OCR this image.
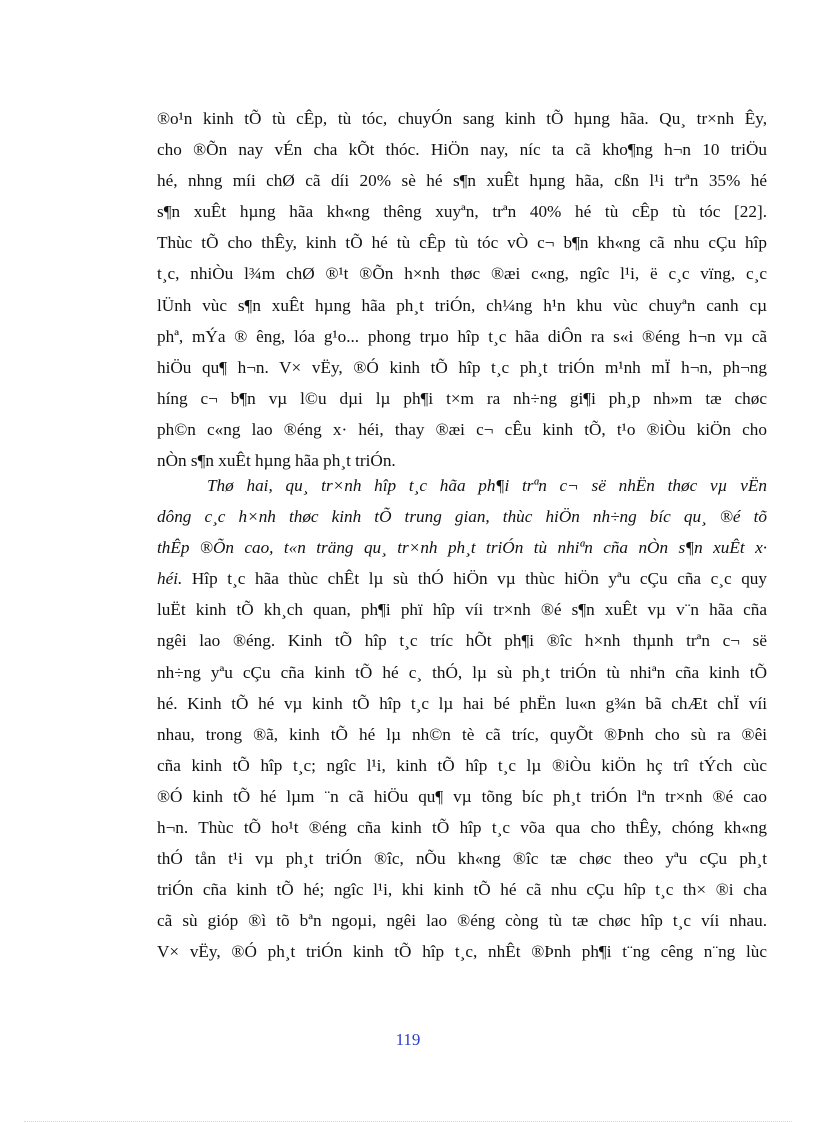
®o¹n kinh tÕ tù cÊp, tù tóc, chuyÓn sang kinh tÕ hµng hãa. Qu¸ tr×nh Êy,
cho ®Õn nay vÉn cha kÕt thóc. HiÖn nay, níc ta cã kho¶ng h¬n 10 triÖu
hé, nhng míi chØ cã díi 20% sè hé s¶n xuÊt hµng hãa, cßn l¹i trªn 35% hé
s¶n xuÊt hµng hãa kh«ng thêng xuyªn, trªn 40% hé tù cÊp tù tóc [22].
Thùc tÕ cho thÊy, kinh tÕ hé tù cÊp tù tóc vÒ c¬ b¶n kh«ng cã nhu cÇu hîp
t¸c, nhiÒu l¾m chØ ®¹t ®Õn h×nh thøc ®æi c«ng, ngîc l¹i, ë c¸c vïng, c¸c
lÜnh vùc s¶n xuÊt hµng hãa ph¸t triÓn, ch¼ng h¹n khu vùc chuyªn canh cµ
phª, mÝa ® êng, lóa g¹o... phong trµo hîp t¸c hãa diÔn ra s«i ®éng h¬n vµ cã
hiÖu qu¶ h¬n. V× vËy, ®Ó kinh tÕ hîp t¸c ph¸t triÓn m¹nh mÏ h¬n, ph¬ng
híng c¬ b¶n vµ l©u dµi lµ ph¶i t×m ra nh÷ng gi¶i ph¸p nh»m tæ chøc
ph©n c«ng lao ®éng x· héi, thay ®æi c¬ cÊu kinh tÕ, t¹o ®iÒu kiÖn cho
nÒn s¶n xuÊt hµng hãa ph¸t triÓn.
Thø hai, qu¸ tr×nh hîp t¸c hãa ph¶i trªn c¬ së nhËn thøc vµ vËn
dông c¸c h×nh thøc kinh tÕ trung gian, thùc hiÖn nh÷ng bíc qu¸ ®é tõ
thÊp ®Õn cao, t«n träng qu¸ tr×nh ph¸t triÓn tù nhiªn cña nÒn s¶n xuÊt x·
héi. Hîp t¸c hãa thùc chÊt lµ sù thÓ hiÖn vµ thùc hiÖn yªu cÇu cña c¸c quy
luËt kinh tÕ kh¸ch quan, ph¶i phï hîp víi tr×nh ®é s¶n xuÊt vµ v¨n hãa cña
ngêi lao ®éng. Kinh tÕ hîp t¸c tríc hÕt ph¶i ®îc h×nh thµnh trªn c¬ së
nh÷ng yªu cÇu cña kinh tÕ hé c¸ thÓ, lµ sù ph¸t triÓn tù nhiªn cña kinh tÕ
hé. Kinh tÕ hé vµ kinh tÕ hîp t¸c lµ hai bé phËn lu«n g¾n bã chÆt chÏ víi
nhau, trong ®ã, kinh tÕ hé lµ nh©n tè cã tríc, quyÕt ®Þnh cho sù ra ®êi
cña kinh tÕ hîp t¸c; ngîc l¹i, kinh tÕ hîp t¸c lµ ®iÒu kiÖn hç trî tÝch cùc
®Ó kinh tÕ hé lµm ¨n cã hiÖu qu¶ vµ tõng bíc ph¸t triÓn lªn tr×nh ®é cao
h¬n. Thùc tÕ ho¹t ®éng cña kinh tÕ hîp t¸c võa qua cho thÊy, chóng kh«ng
thÓ tån t¹i vµ ph¸t triÓn ®îc, nÕu kh«ng ®îc tæ chøc theo yªu cÇu ph¸t
triÓn cña kinh tÕ hé; ngîc l¹i, khi kinh tÕ hé cã nhu cÇu hîp t¸c th× ®i cha
cã sù gióp ®ì tõ bªn ngoµi, ngêi lao ®éng còng tù tæ chøc hîp t¸c víi nhau.
V× vËy, ®Ó ph¸t triÓn kinh tÕ hîp t¸c, nhÊt ®Þnh ph¶i t¨ng cêng n¨ng lùc
119
